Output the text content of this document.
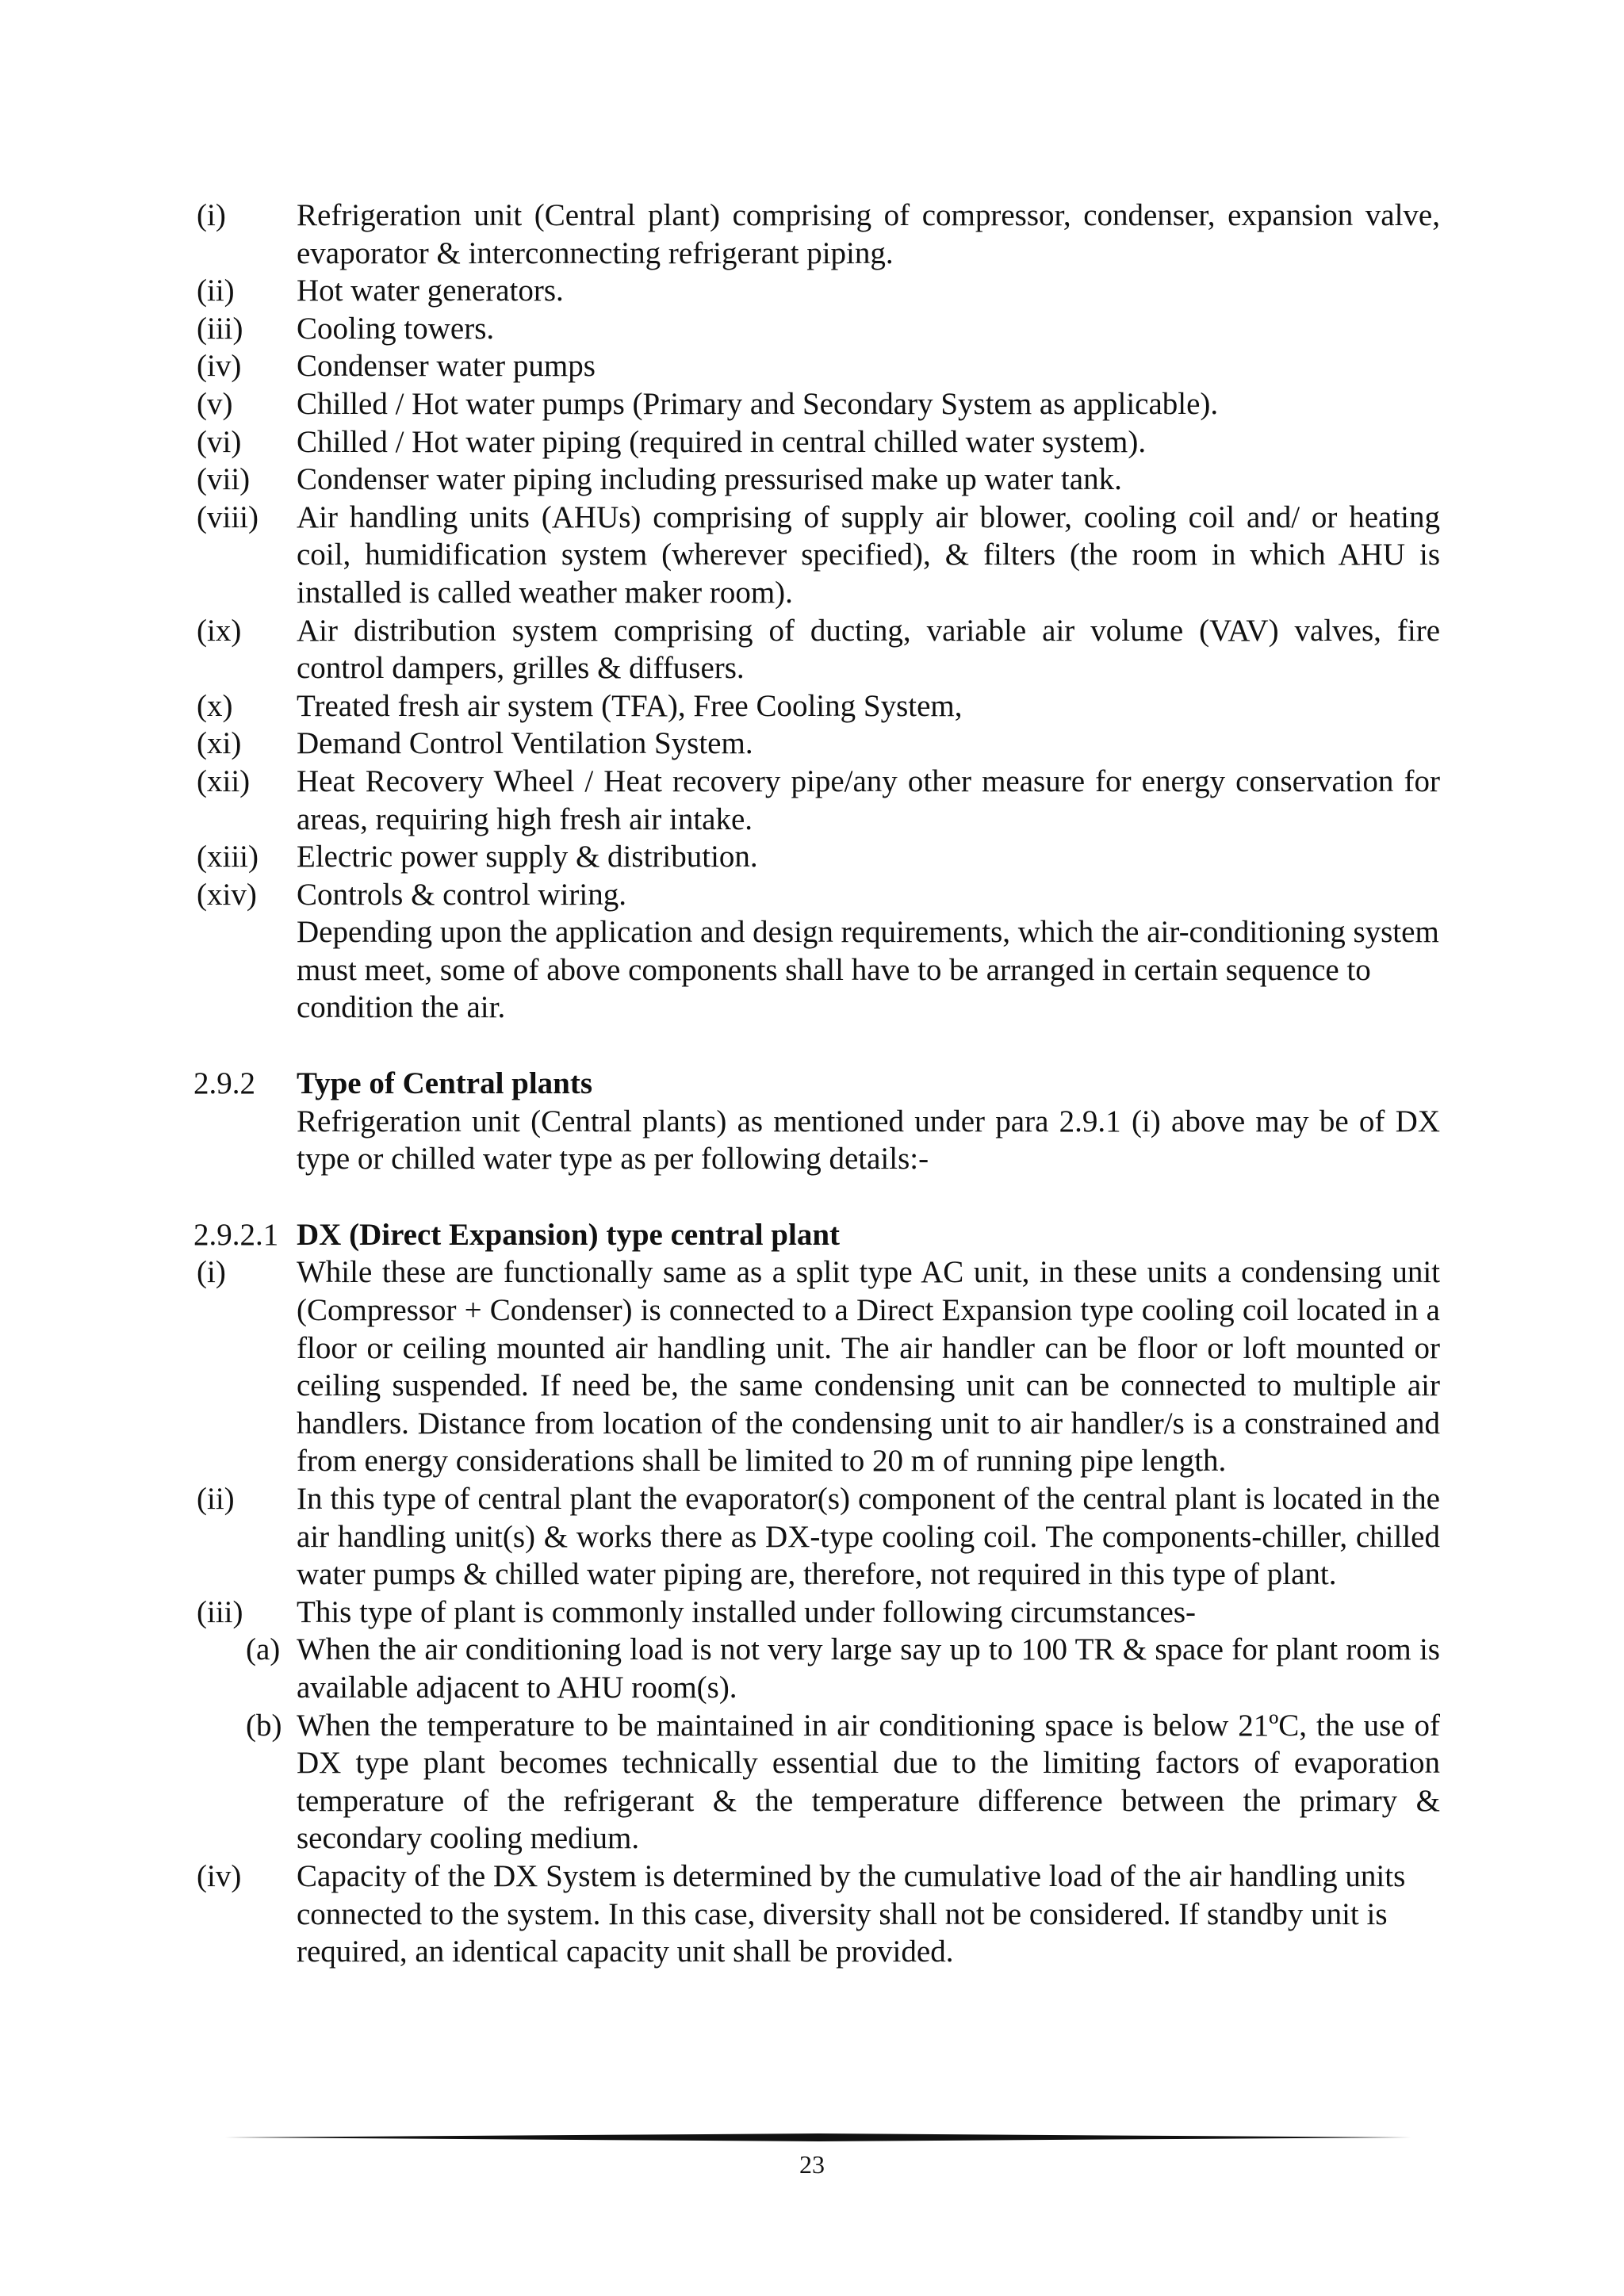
(i) Refrigeration unit (Central plant) comprising of compressor, condenser, expansion valve, evaporator & interconnecting refrigerant piping.
(ii) Hot water generators.
(iii) Cooling towers.
(iv) Condenser water pumps
(v) Chilled / Hot water pumps (Primary and Secondary System as applicable).
(vi) Chilled / Hot water piping (required in central chilled water system).
(vii) Condenser water piping including pressurised make up water tank.
(viii) Air handling units (AHUs) comprising of supply air blower, cooling coil and/ or heating coil, humidification system (wherever specified), & filters (the room in which AHU is installed is called weather maker room).
(ix) Air distribution system comprising of ducting, variable air volume (VAV) valves, fire control dampers, grilles & diffusers.
(x) Treated fresh air system (TFA), Free Cooling System,
(xi) Demand Control Ventilation System.
(xii) Heat Recovery Wheel / Heat recovery pipe/any other measure for energy conservation for areas, requiring high fresh air intake.
(xiii) Electric power supply & distribution.
(xiv) Controls & control wiring.
Depending upon the application and design requirements, which the air-conditioning system must meet, some of above components shall have to be arranged in certain sequence to condition the air.
2.9.2 Type of Central plants
Refrigeration unit (Central plants) as mentioned under para 2.9.1 (i) above may be of DX type or chilled water type as per following details:-
2.9.2.1 DX (Direct Expansion) type central plant
(i) While these are functionally same as a split type AC unit, in these units a condensing unit (Compressor + Condenser) is connected to a Direct Expansion type cooling coil located in a floor or ceiling mounted air handling unit. The air handler can be floor or loft mounted or ceiling suspended. If need be, the same condensing unit can be connected to multiple air handlers. Distance from location of the condensing unit to air handler/s is a constrained and from energy considerations shall be limited to 20 m of running pipe length.
(ii) In this type of central plant the evaporator(s) component of the central plant is located in the air handling unit(s) & works there as DX-type cooling coil. The components-chiller, chilled water pumps & chilled water piping are, therefore, not required in this type of plant.
(iii) This type of plant is commonly installed under following circumstances-
(a) When the air conditioning load is not very large say up to 100 TR & space for plant room is available adjacent to AHU room(s).
(b) When the temperature to be maintained in air conditioning space is below 21ºC, the use of DX type plant becomes technically essential due to the limiting factors of evaporation temperature of the refrigerant & the temperature difference between the primary & secondary cooling medium.
(iv) Capacity of the DX System is determined by the cumulative load of the air handling units connected to the system. In this case, diversity shall not be considered. If standby unit is required, an identical capacity unit shall be provided.
23
